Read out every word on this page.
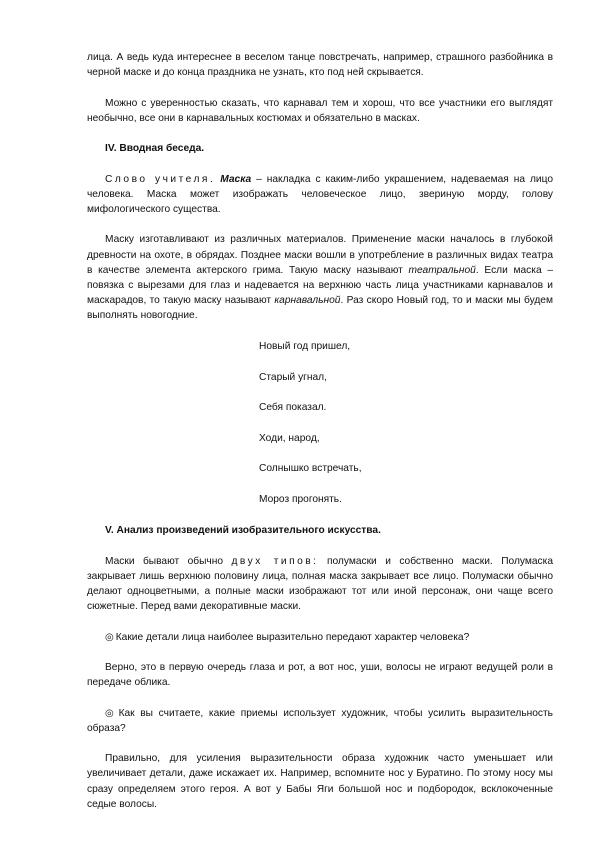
лица. А ведь куда интереснее в веселом танце повстречать, например, страшного разбойника в черной маске и до конца праздника не узнать, кто под ней скрывается.

Можно с уверенностью сказать, что карнавал тем и хорош, что все участники его выглядят необычно, все они в карнавальных костюмах и обязательно в масках.

IV. Вводная беседа.

Слово учителя. Маска – накладка с каким-либо украшением, надеваемая на лицо человека. Маска может изображать человеческое лицо, звериную морду, голову мифологического существа.

Маску изготавливают из различных материалов. Применение маски началось в глубокой древности на охоте, в обрядах. Позднее маски вошли в употребление в различных видах театра в качестве элемента актерского грима. Такую маску называют театральной. Если маска – повязка с вырезами для глаз и надевается на верхнюю часть лица участниками карнавалов и маскарадов, то такую маску называют карнавальной. Раз скоро Новый год, то и маски мы будем выполнять новогодние.

Новый год пришел,

Старый угнал,

Себя показал.

Ходи, народ,

Солнышко встречать,

Мороз прогонять.

V. Анализ произведений изобразительного искусства.

Маски бывают обычно двух типов: полумаски и собственно маски. Полумаска закрывает лишь верхнюю половину лица, полная маска закрывает все лицо. Полумаски обычно делают одноцветными, а полные маски изображают тот или иной персонаж, они чаще всего сюжетные. Перед вами декоративные маски.

◎ Какие детали лица наиболее выразительно передают характер человека?

Верно, это в первую очередь глаза и рот, а вот нос, уши, волосы не играют ведущей роли в передаче облика.

◎ Как вы считаете, какие приемы использует художник, чтобы усилить выразительность образа?

Правильно, для усиления выразительности образа художник часто уменьшает или увеличивает детали, даже искажает их. Например, вспомните нос у Буратино. По этому носу мы сразу определяем этого героя. А вот у Бабы Яги большой нос и подбородок, всклокоченные седые волосы.
